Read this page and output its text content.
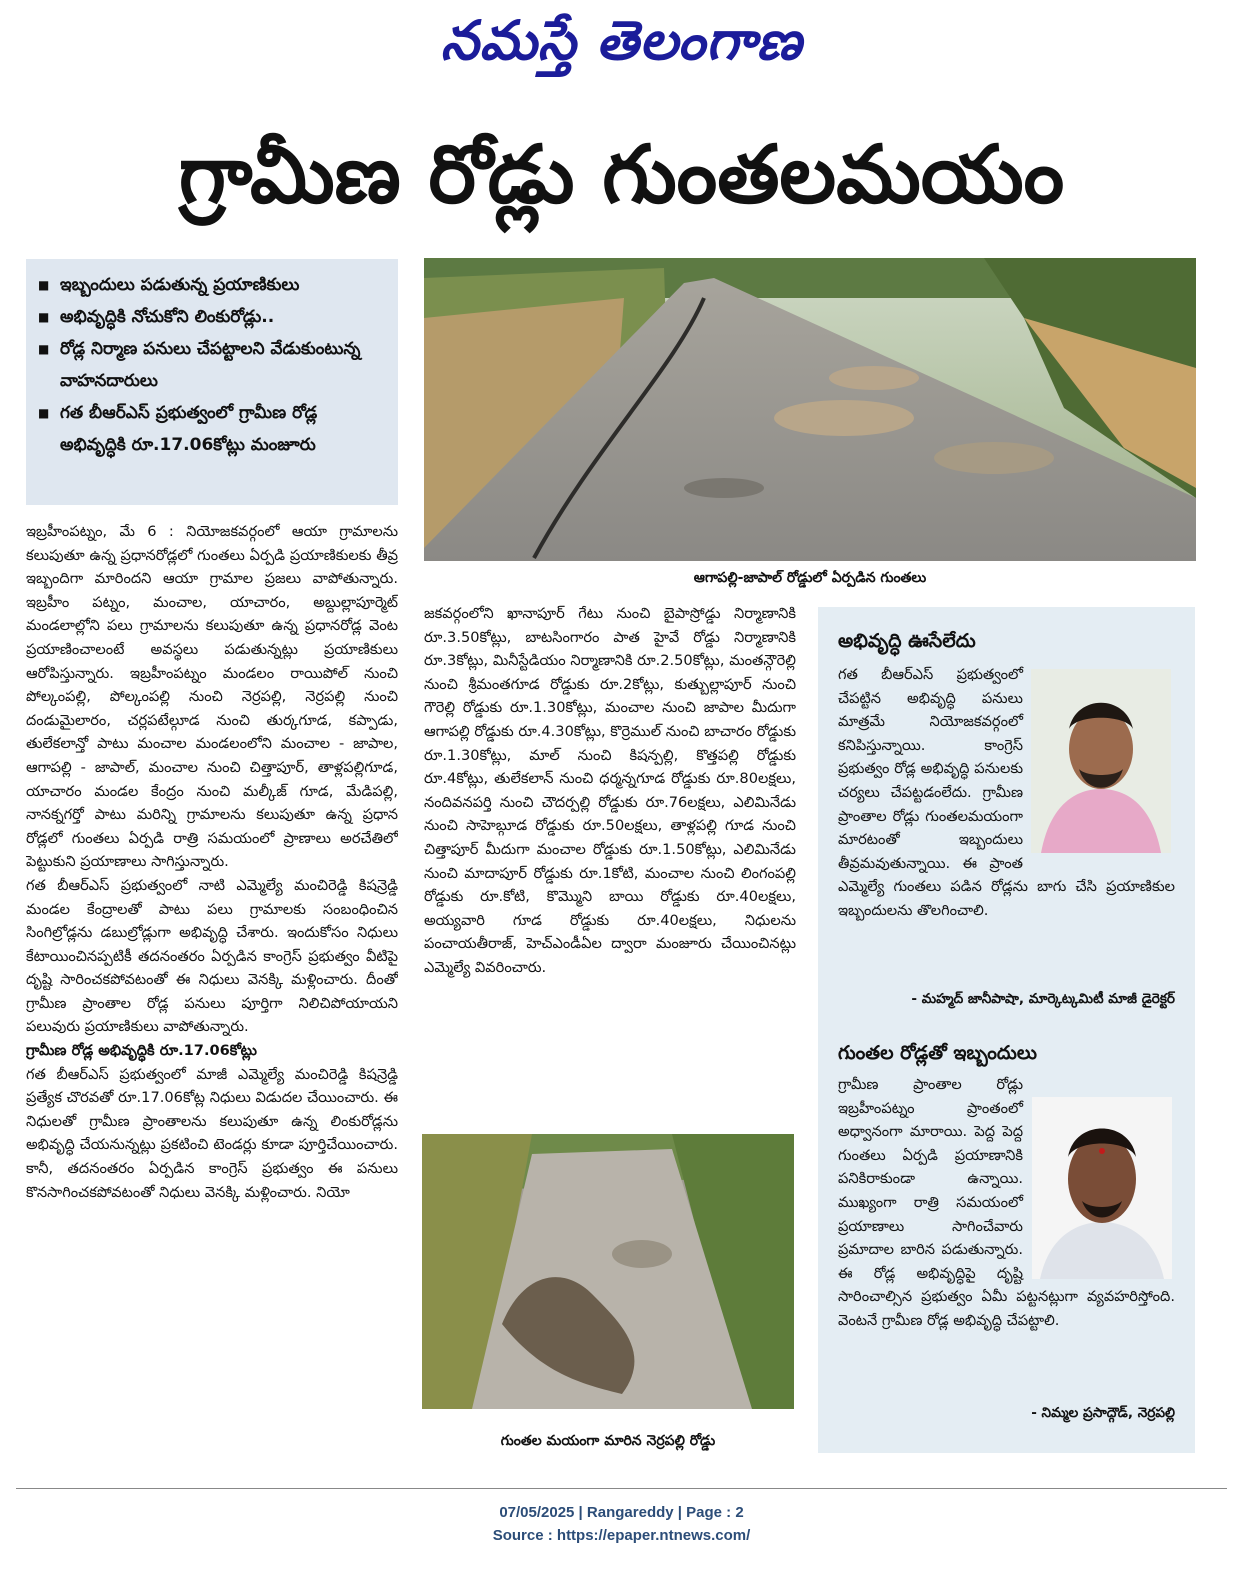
నమస్తే తెలంగాణ
గ్రామీణ రోడ్లు గుంతలమయం
■ ఇబ్బందులు పడుతున్న ప్రయాణికులు
■ అభివృద్ధికి నోచుకోని లింకురోడ్లు..
■ రోడ్ల నిర్మాణ పనులు చేపట్టాలని వేడుకుంటున్న వాహనదారులు
■ గత బీఆర్ఎస్ ప్రభుత్వంలో గ్రామీణ రోడ్ల అభివృద్ధికి రూ.17.06కోట్లు మంజూరు
ఆగాపల్లి-జాపాల్ రోడ్డులో ఏర్పడిన గుంతలు

ఇబ్రహీంపట్నం, మే 6 : నియోజకవర్గంలో ఆయా గ్రామాలను కలుపుతూ ఉన్న ప్రధానరోడ్లలో గుంతలు ఏర్పడి ప్రయాణికులకు తీవ్ర ఇబ్బందిగా మారిందని ఆయా గ్రామాల ప్రజలు వాపోతున్నారు. ఇబ్రహీం పట్నం, మంచాల, యాచారం, అబ్దుల్లాపూర్మెట్ మండలాల్లోని పలు గ్రామాలను కలుపుతూ ఉన్న ప్రధానరోడ్ల వెంట ప్రయాణించాలంటే అవస్థలు పడుతున్నట్లు ప్రయాణికులు ఆరోపిస్తున్నారు. ఇబ్రహీంపట్నం మండలం రాయిపోల్ నుంచి పోల్కంపల్లి, పోల్కంపల్లి నుంచి నెర్రపల్లి, నెర్రపల్లి నుంచి దండుమైలారం, చర్లపటేల్గూడ నుంచి తుర్కగూడ, కప్పాడు, తులేకలాన్తో పాటు మంచాల మండలంలోని మంచాల - జాపాల, ఆగాపల్లి - జాపాల్, మంచాల నుంచి చిత్తాపూర్, తాళ్లపల్లిగూడ, యాచారం మండల కేంద్రం నుంచి మల్కీజ్ గూడ, మేడిపల్లి, నానక్నగర్తో పాటు మరిన్ని గ్రామాలను కలుపుతూ ఉన్న ప్రధాన రోడ్లలో గుంతలు ఏర్పడి రాత్రి సమయంలో ప్రాణాలు అరచేతిలో పెట్టుకుని ప్రయాణాలు సాగిస్తున్నారు.

గత బీఆర్ఎస్ ప్రభుత్వంలో నాటి ఎమ్మెల్యే మంచిరెడ్డి కిషన్రెడ్డి మండల కేంద్రాలతో పాటు పలు గ్రామాలకు సంబంధించిన సింగిల్రోడ్లను డబుల్రోడ్లుగా అభివృద్ధి చేశారు. ఇందుకోసం నిధులు కేటాయించినప్పటికీ తదనంతరం ఏర్పడిన కాంగ్రెస్ ప్రభుత్వం వీటిపై దృష్టి సారించకపోవటంతో ఈ నిధులు వెనక్కి మళ్లించారు. దీంతో గ్రామీణ ప్రాంతాల రోడ్ల పనులు పూర్తిగా నిలిచిపోయాయని పలువురు ప్రయాణికులు వాపోతున్నారు.

గ్రామీణ రోడ్ల అభివృద్ధికి రూ.17.06కోట్లు

గత బీఆర్ఎస్ ప్రభుత్వంలో మాజీ ఎమ్మెల్యే మంచిరెడ్డి కిషన్రెడ్డి ప్రత్యేక చొరవతో రూ.17.06కోట్ల నిధులు విడుదల చేయించారు. ఈ నిధులతో గ్రామీణ ప్రాంతాలను కలుపుతూ ఉన్న లింకురోడ్లను అభివృద్ధి చేయనున్నట్లు ప్రకటించి టెండర్లు కూడా పూర్తిచేయించారు. కానీ, తదనంతరం ఏర్పడిన కాంగ్రెస్ ప్రభుత్వం ఈ పనులు కొనసాగించకపోవటంతో నిధులు వెనక్కి మళ్లించారు. నియో

జకవర్గంలోని ఖానాపూర్ గేటు నుంచి బైపాస్రోడ్డు నిర్మాణానికి రూ.3.50కోట్లు, బాటసింగారం పాత హైవే రోడ్డు నిర్మాణానికి రూ.3కోట్లు, మినీస్టేడియం నిర్మాణానికి రూ.2.50కోట్లు, మంతన్గౌరెల్లి నుంచి శ్రీమంతగూడ రోడ్డుకు రూ.2కోట్లు, కుత్బుల్లాపూర్ నుంచి గౌరెల్లి రోడ్డుకు రూ.1.30కోట్లు, మంచాల నుంచి జాపాల మీదుగా ఆగాపల్లి రోడ్డుకు రూ.4.30కోట్లు, కొర్రెముల్ నుంచి బాచారం రోడ్డుకు రూ.1.30కోట్లు, మాల్ నుంచి కిషన్పల్లి, కొత్తపల్లి రోడ్డుకు రూ.4కోట్లు, తులేకలాన్ నుంచి ధర్మన్నగూడ రోడ్డుకు రూ.80లక్షలు, నందివనపర్తి నుంచి చౌదర్పల్లి రోడ్డుకు రూ.76లక్షలు, ఎలిమినేడు నుంచి సాహెబ్గూడ రోడ్డుకు రూ.50లక్షలు, తాళ్లపల్లి గూడ నుంచి చిత్తాపూర్ మీదుగా మంచాల రోడ్డుకు రూ.1.50కోట్లు, ఎలిమినేడు నుంచి మాదాపూర్ రోడ్డుకు రూ.1కోటి, మంచాల నుంచి లింగంపల్లి రోడ్డుకు రూ.కోటి, కొమ్మొని బాయి రోడ్డుకు రూ.40లక్షలు, అయ్యవారి గూడ రోడ్డుకు రూ.40లక్షలు, నిధులను పంచాయతీరాజ్, హెచ్ఎండీఏల ద్వారా మంజూరు చేయించినట్లు ఎమ్మెల్యే వివరించారు.

గుంతల మయంగా మారిన నెర్రపల్లి రోడ్డు
అభివృద్ధి ఊసేలేదు
గత బీఆర్ఎస్ ప్రభుత్వంలో చేపట్టిన అభివృద్ధి పనులు మాత్రమే నియోజకవర్గంలో కనిపిస్తున్నాయి. కాంగ్రెస్ ప్రభుత్వం రోడ్ల అభివృద్ధి పనులకు చర్యలు చేపట్టడంలేదు. గ్రామీణ ప్రాంతాల రోడ్లు గుంతలమయంగా మారటంతో ఇబ్బందులు తీవ్రమవుతున్నాయి. ఈ ప్రాంత ఎమ్మెల్యే గుంతలు పడిన రోడ్లను బాగు చేసి ప్రయాణికుల ఇబ్బందులను తొలగించాలి.
- మహ్మద్ జానీపాషా, మార్కెట్కమిటీ మాజీ డైరెక్టర్
గుంతల రోడ్లతో ఇబ్బందులు
గ్రామీణ ప్రాంతాల రోడ్లు ఇబ్రహీంపట్నం ప్రాంతంలో అధ్వానంగా మారాయి. పెద్ద పెద్ద గుంతలు ఏర్పడి ప్రయాణానికి పనికిరాకుండా ఉన్నాయి. ముఖ్యంగా రాత్రి సమయంలో ప్రయాణాలు సాగించేవారు ప్రమాదాల బారిన పడుతున్నారు. ఈ రోడ్ల అభివృద్ధిపై దృష్టి సారించాల్సిన ప్రభుత్వం ఏమీ పట్టనట్లుగా వ్యవహరిస్తోంది. వెంటనే గ్రామీణ రోడ్ల అభివృద్ధి చేపట్టాలి.
- నిమ్మల ప్రసాద్గౌడ్, నెర్రపల్లి
07/05/2025 | Rangareddy | Page : 2
Source : https://epaper.ntnews.com/
